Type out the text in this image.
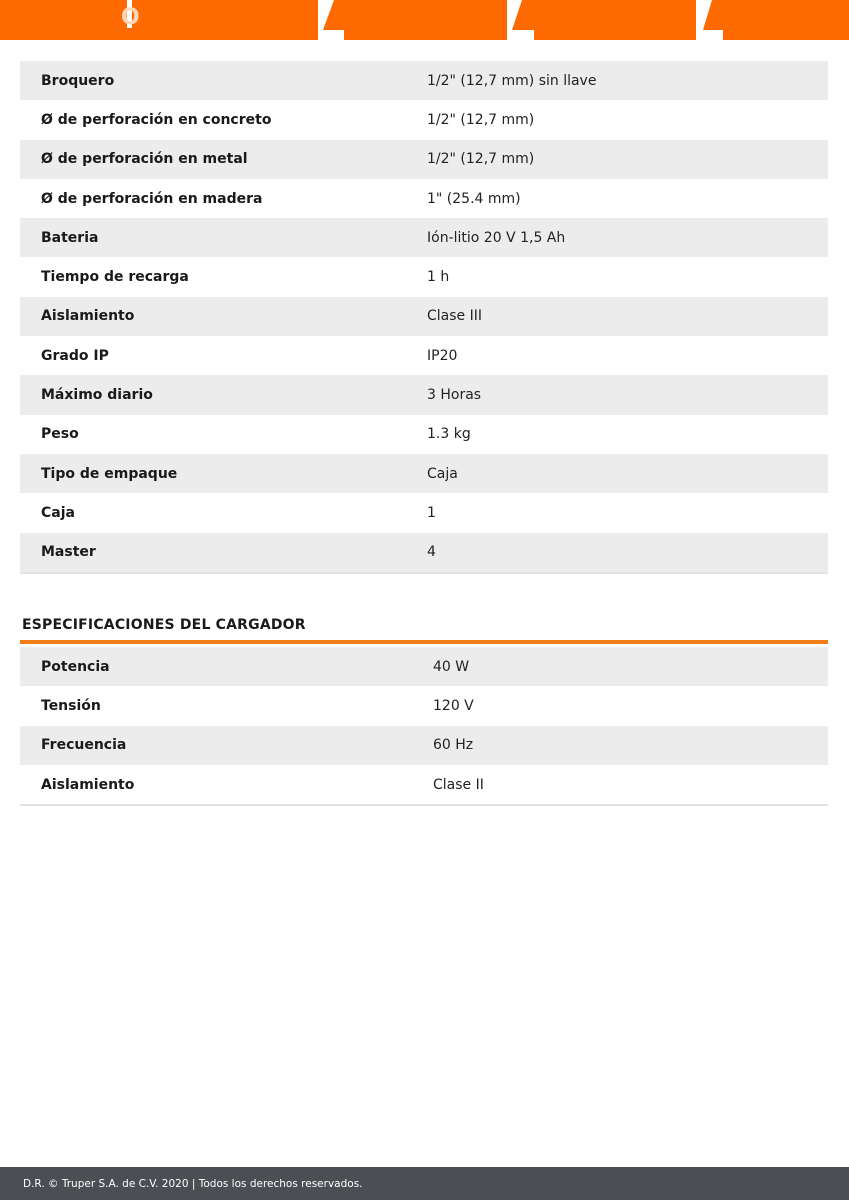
O
Broquero	1/2" (12,7 mm) sin llave
Ø de perforación en concreto	1/2" (12,7 mm)
Ø de perforación en metal	1/2" (12,7 mm)
Ø de perforación en madera	1" (25.4 mm)
Bateria	Ión-litio 20 V 1,5 Ah
Tiempo de recarga	1 h
Aislamiento	Clase III
Grado IP	IP20
Máximo diario	3 Horas
Peso	1.3 kg
Tipo de empaque	Caja
Caja	1
Master	4
ESPECIFICACIONES DEL CARGADOR
Potencia	40 W
Tensión	120 V
Frecuencia	60 Hz
Aislamiento	Clase II
D.R. © Truper S.A. de C.V. 2020 | Todos los derechos reservados.
